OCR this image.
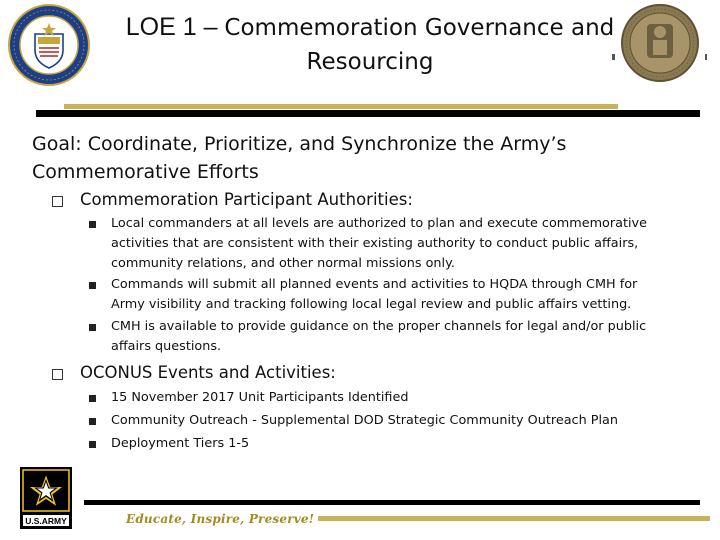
LOE 1 – Commemoration Governance and
Resourcing
Goal: Coordinate, Prioritize, and Synchronize the Army’s
Commemorative Efforts
Commemoration Participant Authorities:
Local commanders at all levels are authorized to plan and execute commemorative
activities that are consistent with their existing authority to conduct public affairs,
community relations, and other normal missions only.
Commands will submit all planned events and activities to HQDA through CMH for
Army visibility and tracking following local legal review and public affairs vetting.
CMH is available to provide guidance on the proper channels for legal and/or public
affairs questions.
OCONUS Events and Activities:
15 November 2017 Unit Participants Identified
Community Outreach - Supplemental DOD Strategic Community Outreach Plan
Deployment Tiers 1-5
U.S.ARMY	Educate, Inspire, Preserve!
